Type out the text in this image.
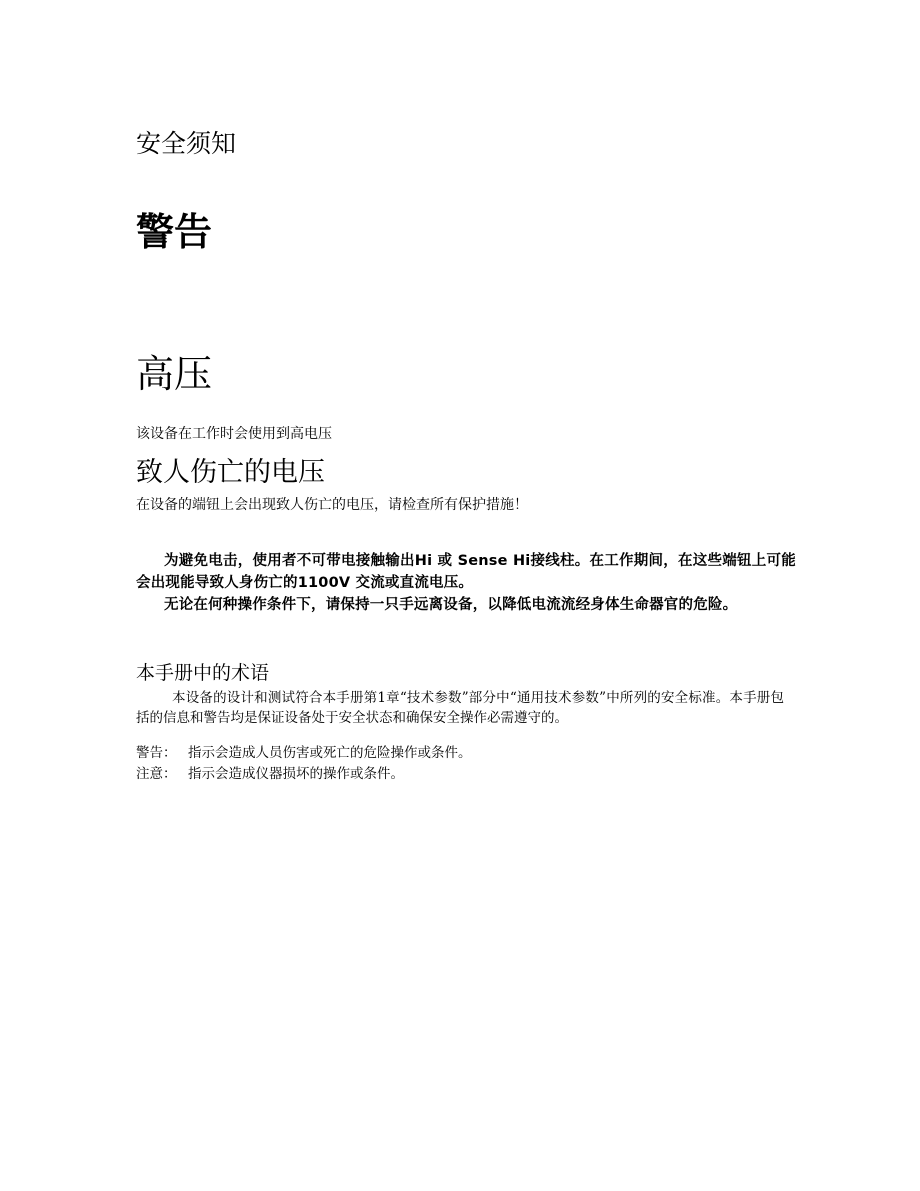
安全须知
警告
高压

该设备在工作时会使用到高电压

致人伤亡的电压

在设备的端钮上会出现致人伤亡的电压，请检查所有保护措施！

为避免电击，使用者不可带电接触输出Hi 或 Sense Hi接线柱。在工作期间，在这些端钮上可能会出现能导致人身伤亡的1100V 交流或直流电压。

无论在何种操作条件下，请保持一只手远离设备，以降低电流流经身体生命器官的危险。

本手册中的术语

本设备的设计和测试符合本手册第1章“技术参数”部分中“通用技术参数”中所列的安全标准。本手册包括的信息和警告均是保证设备处于安全状态和确保安全操作必需遵守的。

警告： 指示会造成人员伤害或死亡的危险操作或条件。
注意： 指示会造成仪器损坏的操作或条件。
